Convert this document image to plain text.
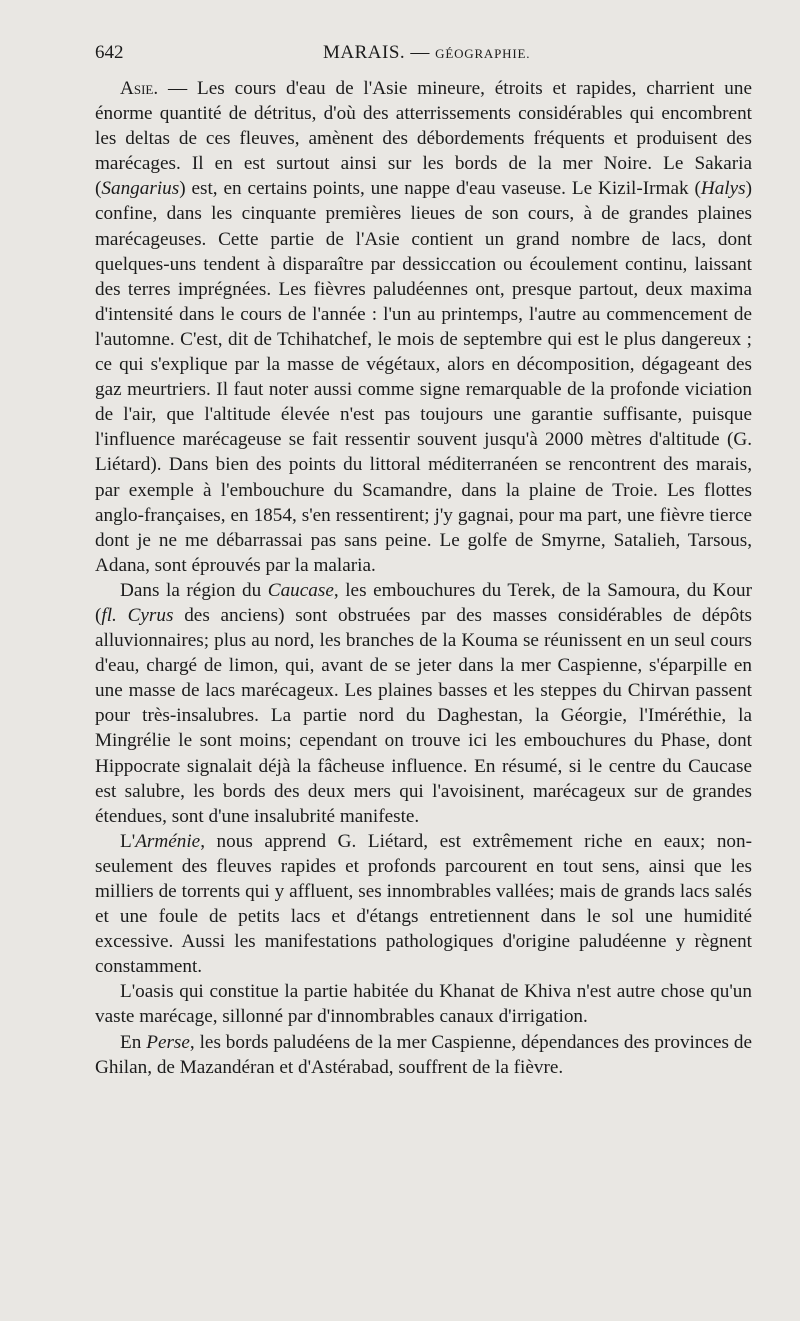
642	MARAIS. — GÉOGRAPHIE.

Asie. — Les cours d'eau de l'Asie mineure, étroits et rapides, charrient une énorme quantité de détritus, d'où des atterrissements considérables qui encombrent les deltas de ces fleuves, amènent des débordements fréquents et produisent des marécages. Il en est surtout ainsi sur les bords de la mer Noire. Le Sakaria (Sangarius) est, en certains points, une nappe d'eau vaseuse. Le Kizil-Irmak (Halys) confine, dans les cinquante premières lieues de son cours, à de grandes plaines marécageuses. Cette partie de l'Asie contient un grand nombre de lacs, dont quelques-uns tendent à disparaître par dessiccation ou écoulement continu, laissant des terres imprégnées. Les fièvres paludéennes ont, presque partout, deux maxima d'intensité dans le cours de l'année : l'un au printemps, l'autre au commencement de l'automne. C'est, dit de Tchihatchef, le mois de septembre qui est le plus dangereux ; ce qui s'explique par la masse de végétaux, alors en décomposition, dégageant des gaz meurtriers. Il faut noter aussi comme signe remarquable de la profonde viciation de l'air, que l'altitude élevée n'est pas toujours une garantie suffisante, puisque l'influence marécageuse se fait ressentir souvent jusqu'à 2000 mètres d'altitude (G. Liétard). Dans bien des points du littoral méditerranéen se rencontrent des marais, par exemple à l'embouchure du Scamandre, dans la plaine de Troie. Les flottes anglo-françaises, en 1854, s'en ressentirent; j'y gagnai, pour ma part, une fièvre tierce dont je ne me débarrassai pas sans peine. Le golfe de Smyrne, Satalieh, Tarsous, Adana, sont éprouvés par la malaria.

Dans la région du Caucase, les embouchures du Terek, de la Samoura, du Kour (fl. Cyrus des anciens) sont obstruées par des masses considérables de dépôts alluvionnaires; plus au nord, les branches de la Kouma se réunissent en un seul cours d'eau, chargé de limon, qui, avant de se jeter dans la mer Caspienne, s'éparpille en une masse de lacs marécageux. Les plaines basses et les steppes du Chirvan passent pour très-insalubres. La partie nord du Daghestan, la Géorgie, l'Iméréthie, la Mingrélie le sont moins; cependant on trouve ici les embouchures du Phase, dont Hippocrate signalait déjà la fâcheuse influence. En résumé, si le centre du Caucase est salubre, les bords des deux mers qui l'avoisinent, marécageux sur de grandes étendues, sont d'une insalubrité manifeste.

L'Arménie, nous apprend G. Liétard, est extrêmement riche en eaux; non-seulement des fleuves rapides et profonds parcourent en tout sens, ainsi que les milliers de torrents qui y affluent, ses innombrables vallées; mais de grands lacs salés et une foule de petits lacs et d'étangs entretiennent dans le sol une humidité excessive. Aussi les manifestations pathologiques d'origine paludéenne y règnent constamment.

L'oasis qui constitue la partie habitée du Khanat de Khiva n'est autre chose qu'un vaste marécage, sillonné par d'innombrables canaux d'irrigation.

En Perse, les bords paludéens de la mer Caspienne, dépendances des provinces de Ghilan, de Mazandéran et d'Astérabad, souffrent de la fièvre.
